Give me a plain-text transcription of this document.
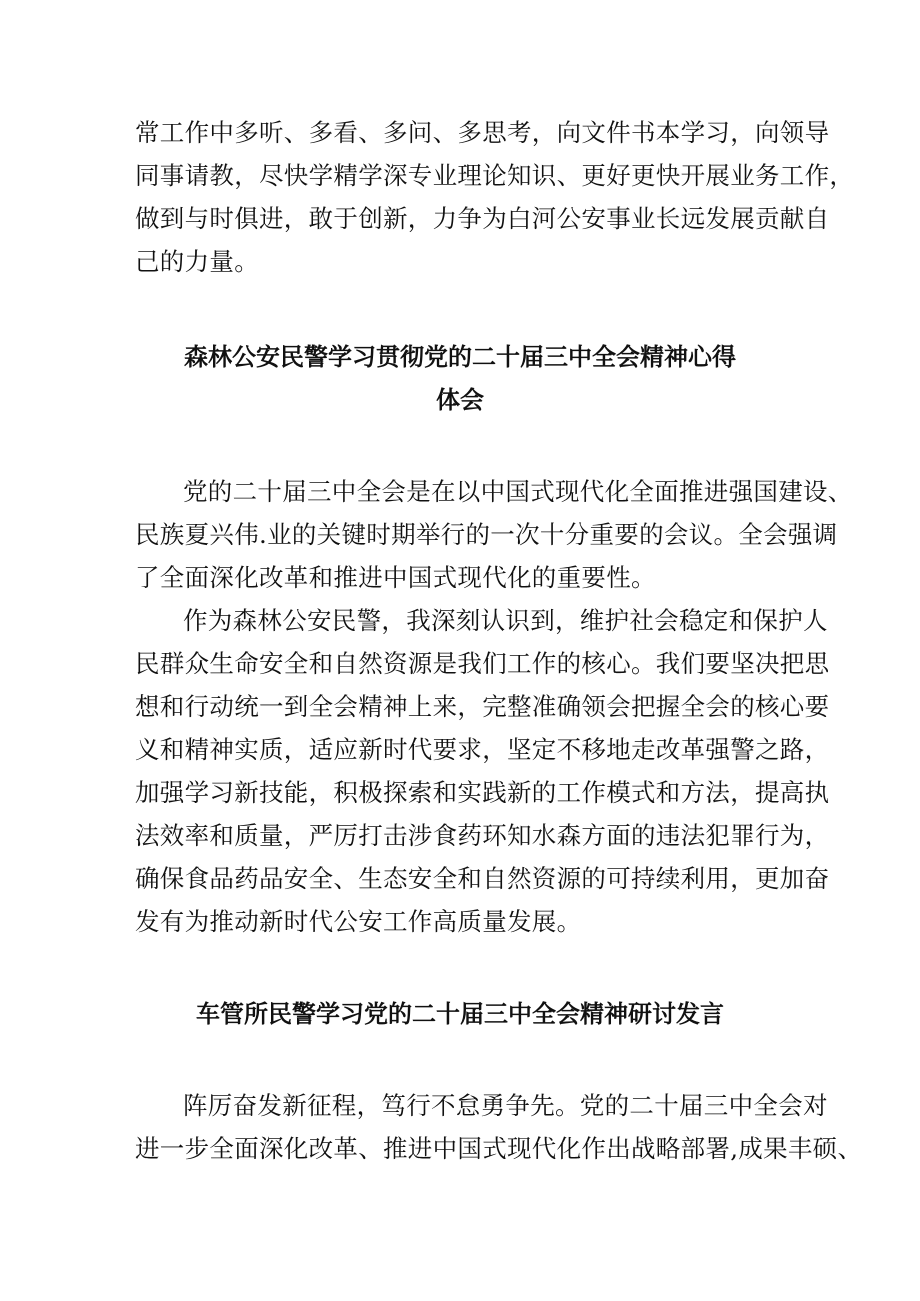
常工作中多听、多看、多问、多思考，向文件书本学习，向领导
同事请教，尽快学精学深专业理论知识、更好更快开展业务工作，
做到与时俱进，敢于创新，力争为白河公安事业长远发展贡献自
己的力量。
森林公安民警学习贯彻党的二十届三中全会精神心得
体会
党的二十届三中全会是在以中国式现代化全面推进强国建设、
民族夏兴伟.业的关键时期举行的一次十分重要的会议。全会强调
了全面深化改革和推进中国式现代化的重要性。
作为森林公安民警，我深刻认识到，维护社会稳定和保护人
民群众生命安全和自然资源是我们工作的核心。我们要坚决把思
想和行动统一到全会精神上来，完整准确领会把握全会的核心要
义和精神实质，适应新时代要求，坚定不移地走改革强警之路，
加强学习新技能，积极探索和实践新的工作模式和方法，提高执
法效率和质量，严厉打击涉食药环知水森方面的违法犯罪行为，
确保食品药品安全、生态安全和自然资源的可持续利用，更加奋
发有为推动新时代公安工作高质量发展。
车管所民警学习党的二十届三中全会精神研讨发言
阵厉奋发新征程，笃行不怠勇争先。党的二十届三中全会对
进一步全面深化改革、推进中国式现代化作出战略部署,成果丰硕、
